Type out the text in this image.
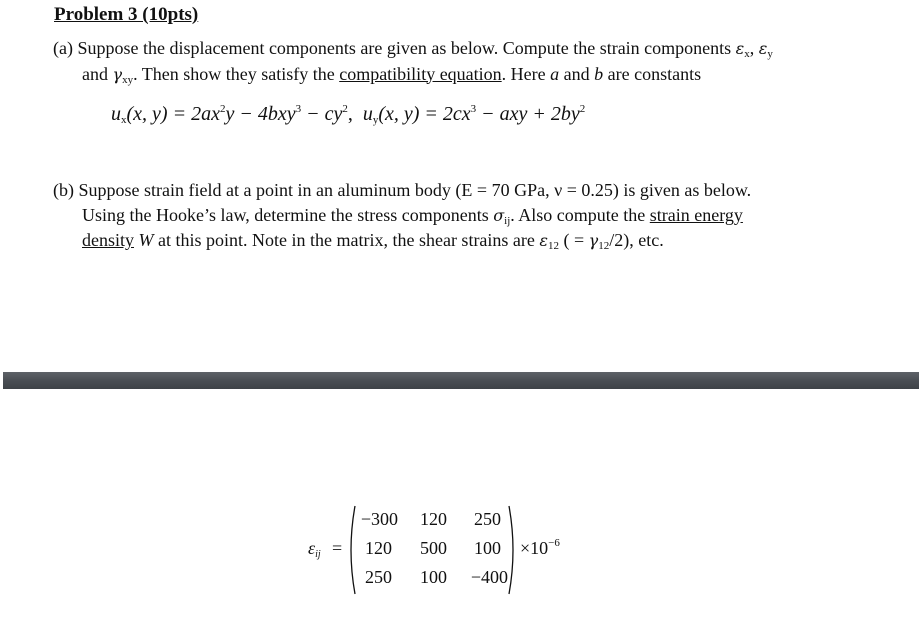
Problem 3 (10pts)
(a) Suppose the displacement components are given as below. Compute the strain components $\varepsilon_x$, $\varepsilon_y$
and $\gamma_{xy}$. Then show they satisfy the compatibility equation. Here a and b are constants
$u_x(x$, $y) = 2ax^2y - 4bxy^3 - cy^2$, $u_y(x$, $y) = 2cx^3$ − axy + $2by^2$
(b) Suppose strain field at a point in an aluminum body (E = 70 GPa, ν = 0.25) is given as below.
Using the Hooke’s law, determine the stress components $\sigma_{ij}$. Also compute the strain energy
density W at this point. Note in the matrix, the shear strains are $\varepsilon_{12}$ ( = $\gamma_{12}/2$), etc.
$\varepsilon_{ij}$ =
−300	120	250
120	500	100
250	100	−400
$\times 10^{-6}$
